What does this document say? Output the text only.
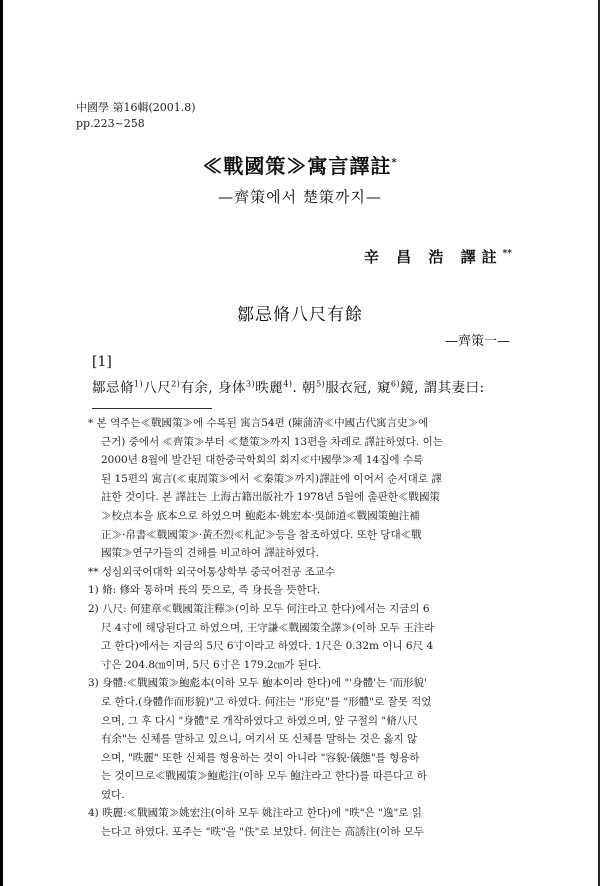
中國學 第16輯(2001.8)
pp.223~258
≪戰國策≫寓言譯註*
—齊策에서 楚策까지—
辛 昌 浩 譯註**
鄒忌脩八尺有餘
—齊策一—
[1]
鄒忌脩$^{1)}$八尺$^{2)}$有余, 身体$^{3)}$昳麗$^{4)}$. 朝$^{5)}$服衣冠, 窺$^{6)}$鏡, 謂其妻曰:
* 본 역주는≪戰國策≫에 수록된 寓言54편 (陳蒲清≪中國古代寓言史≫에
근거) 중에서 ≪齊策≫부터 ≪楚策≫까지 13편을 차례로 譯註하였다. 이는
2000년 8월에 발간된 대한중국학회의 회지≪中國學≫제 14집에 수록
된 15편의 寓言(≪東周策≫에서 ≪秦策≫까지)譯註에 이어서 순서대로 譯
註한 것이다. 본 譯註는 上海古籍出版社가 1978년 5월에 출판한≪戰國策
≫校点本을 底本으로 하였으며 鮑彪本·姚宏本·吳師道≪戰國策鮑注補
正≫·帛書≪戰國策≫·黃丕烈≪札記≫등을 참조하였다. 또한 당대≪戰
國策≫연구가들의 견해를 비교하여 譯註하였다.
** 성심외국어대학 외국어통상학부 중국어전공 조교수
1) 脩: 修와 통하며 長의 뜻으로, 즉 身長을 뜻한다.
2) 八尺: 何建章≪戰國策注釋≫(이하 모두 何注라고 한다)에서는 지금의 6
尺 4寸에 해당된다고 하였으며, 王守謙≪戰國策全譯≫(이하 모두 王注라
고 한다)에서는 지금의 5尺 6寸이라고 하였다. 1尺은 0.32m 이니 6尺 4
寸은 204.8㎝이며, 5尺 6寸은 179.2㎝가 된다.
3) 身體:≪戰國策≫鮑彪本(이하 모두 鮑本이라 한다)에 "'身體'는 '而形貌'
로 한다.(身體作而形貌)"고 하였다. 何注는 "形皃"를 "形體"로 잘못 적었
으며, 그 후 다시 "身體"로 개작하였다고 하였으며, 앞 구절의 "脩八尺
有余"는 신체를 말하고 있으니, 여기서 또 신체를 말하는 것은 옳지 않
으며, "昳麗" 또한 신체를 형용하는 것이 아니라 "容貌·儀態"를 형용하
는 것이므로≪戰國策≫鮑彪注(이하 모두 鮑注라고 한다)를 따른다고 하
였다.
4) 昳麗:≪戰國策≫姚宏注(이하 모두 姚注라고 한다)에 "昳"은 "逸"로 읽
는다고 하였다. 포주는 "昳"을 "佚"로 보았다. 何注는 高誘注(이하 모두
